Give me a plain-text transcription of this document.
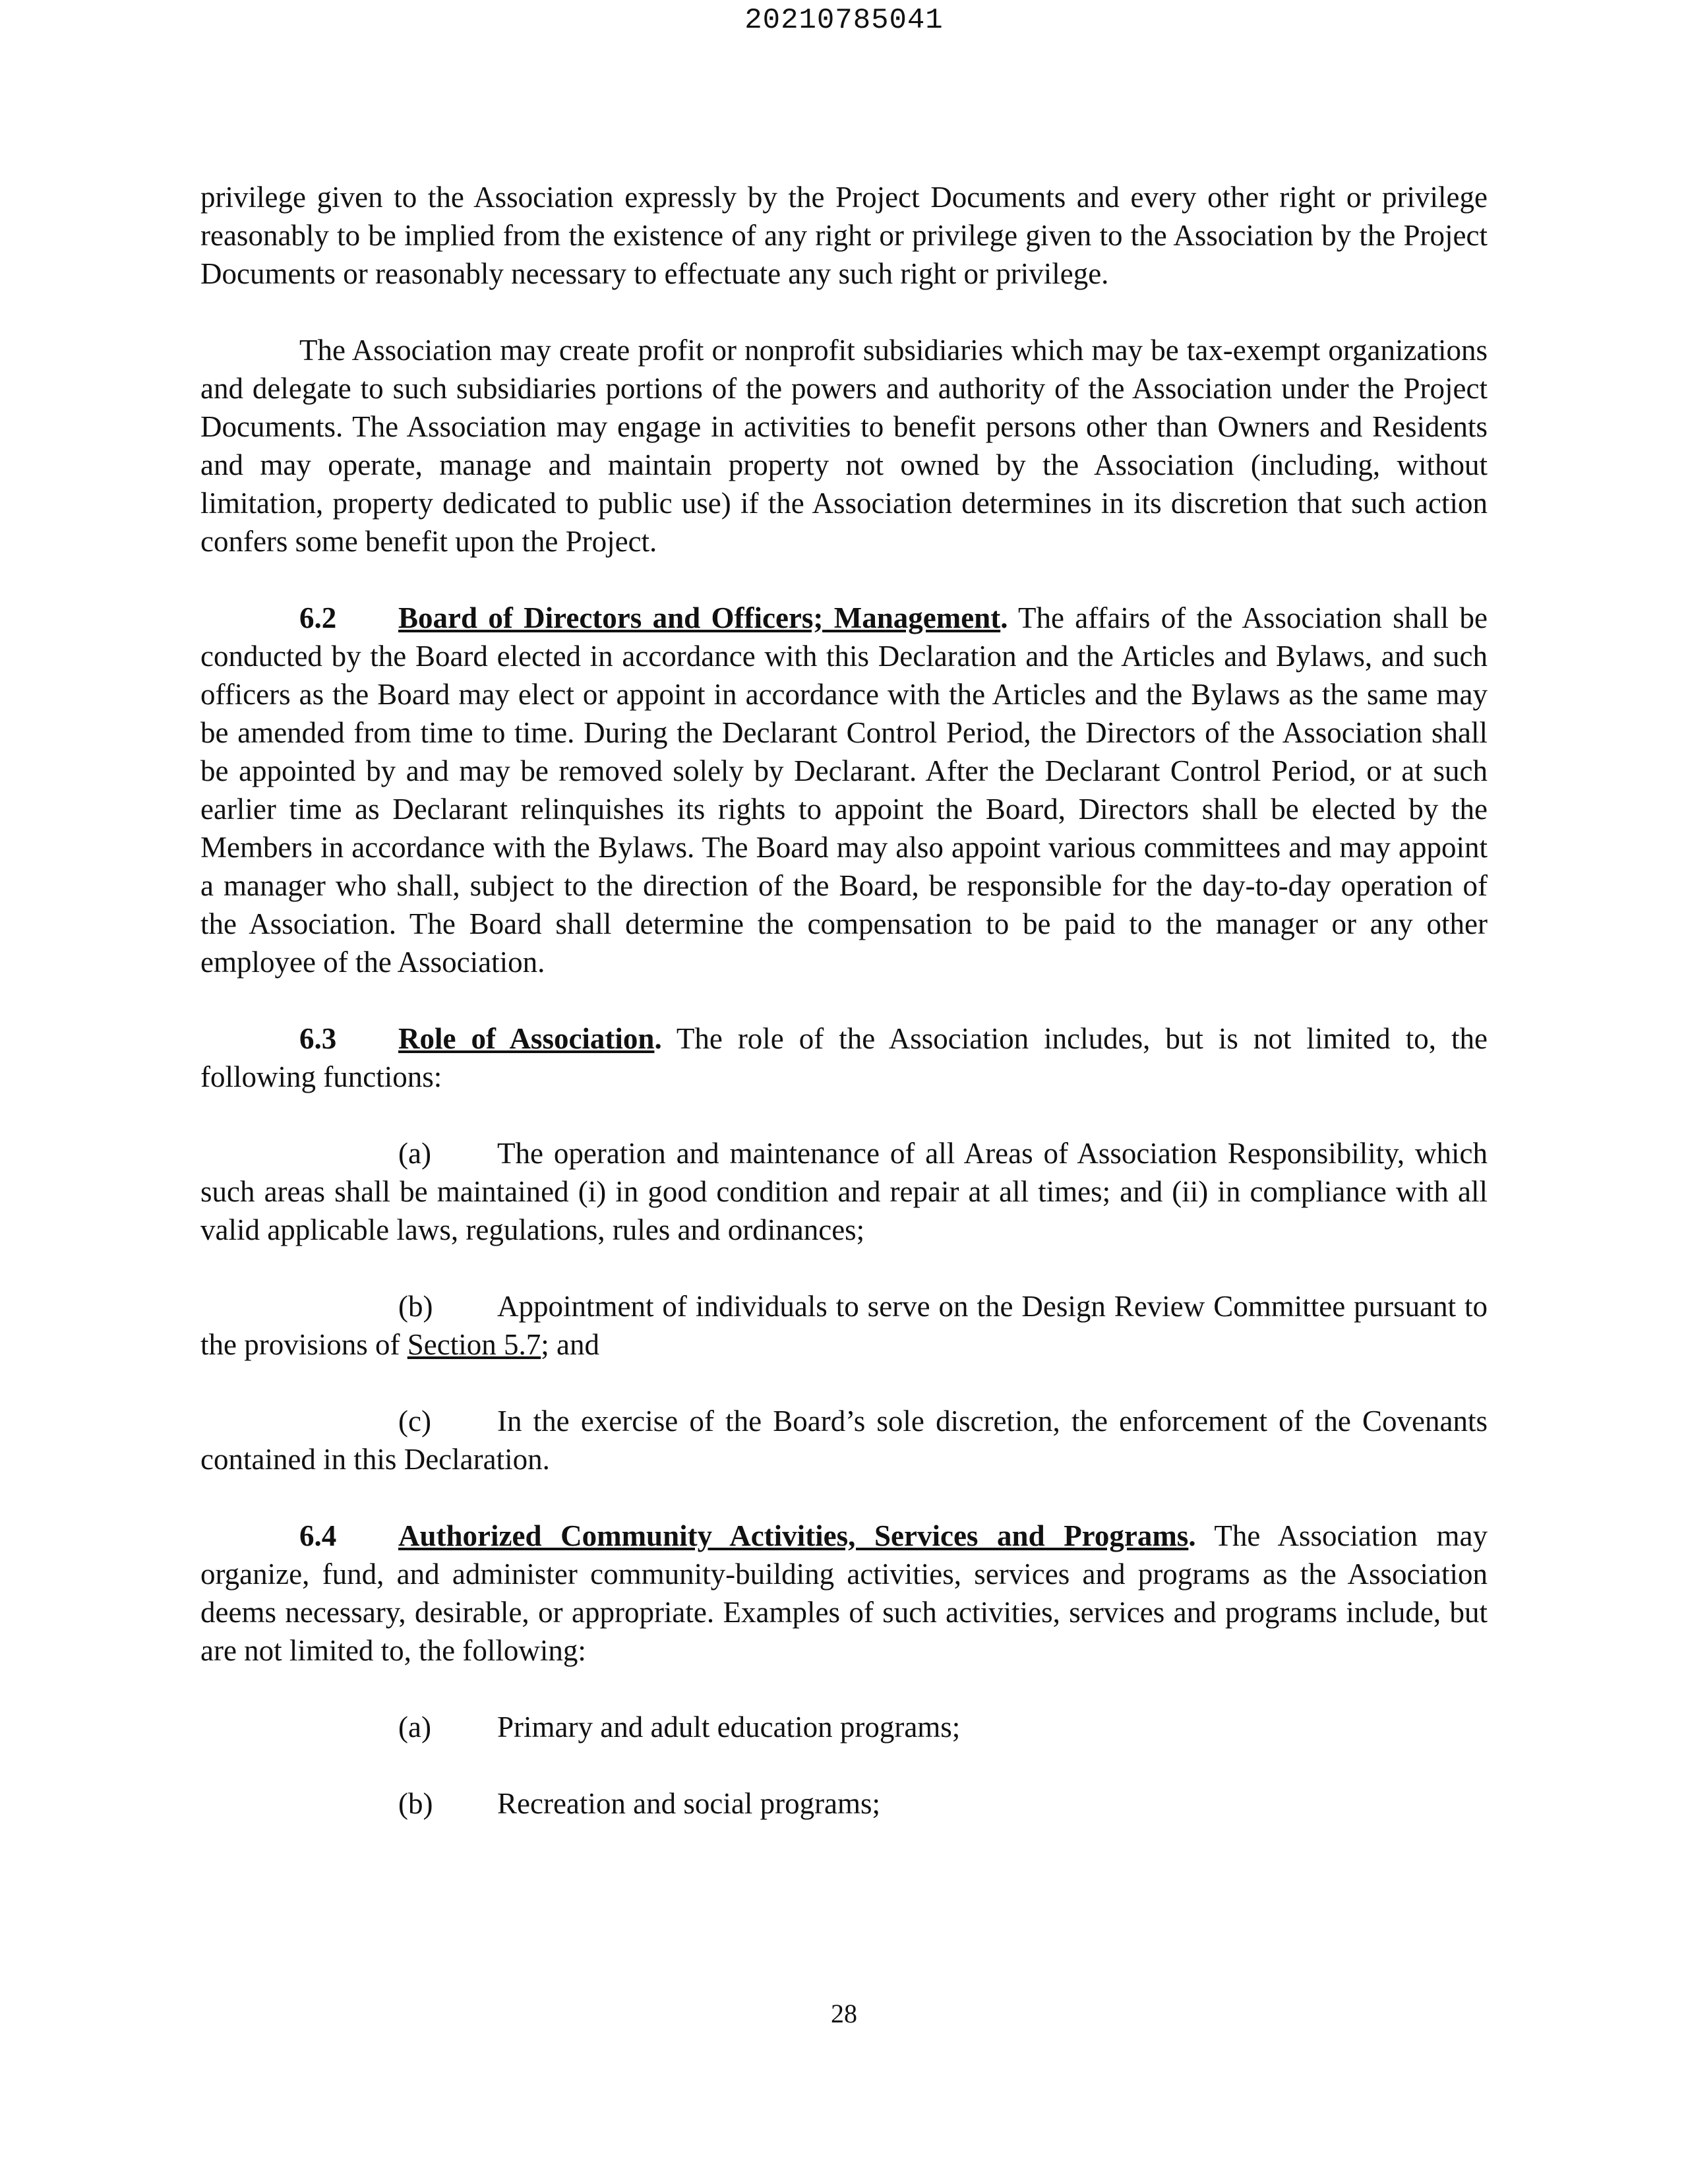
20210785041

privilege given to the Association expressly by the Project Documents and every other right or privilege reasonably to be implied from the existence of any right or privilege given to the Association by the Project Documents or reasonably necessary to effectuate any such right or privilege.

The Association may create profit or nonprofit subsidiaries which may be tax-exempt organizations and delegate to such subsidiaries portions of the powers and authority of the Association under the Project Documents. The Association may engage in activities to benefit persons other than Owners and Residents and may operate, manage and maintain property not owned by the Association (including, without limitation, property dedicated to public use) if the Association determines in its discretion that such action confers some benefit upon the Project.

6.2 Board of Directors and Officers; Management. The affairs of the Association shall be conducted by the Board elected in accordance with this Declaration and the Articles and Bylaws, and such officers as the Board may elect or appoint in accordance with the Articles and the Bylaws as the same may be amended from time to time. During the Declarant Control Period, the Directors of the Association shall be appointed by and may be removed solely by Declarant. After the Declarant Control Period, or at such earlier time as Declarant relinquishes its rights to appoint the Board, Directors shall be elected by the Members in accordance with the Bylaws. The Board may also appoint various committees and may appoint a manager who shall, subject to the direction of the Board, be responsible for the day-to-day operation of the Association. The Board shall determine the compensation to be paid to the manager or any other employee of the Association.

6.3 Role of Association. The role of the Association includes, but is not limited to, the following functions:

(a) The operation and maintenance of all Areas of Association Responsibility, which such areas shall be maintained (i) in good condition and repair at all times; and (ii) in compliance with all valid applicable laws, regulations, rules and ordinances;

(b) Appointment of individuals to serve on the Design Review Committee pursuant to the provisions of Section 5.7; and

(c) In the exercise of the Board’s sole discretion, the enforcement of the Covenants contained in this Declaration.

6.4 Authorized Community Activities, Services and Programs. The Association may organize, fund, and administer community-building activities, services and programs as the Association deems necessary, desirable, or appropriate. Examples of such activities, services and programs include, but are not limited to, the following:

(a) Primary and adult education programs;

(b) Recreation and social programs;

28
